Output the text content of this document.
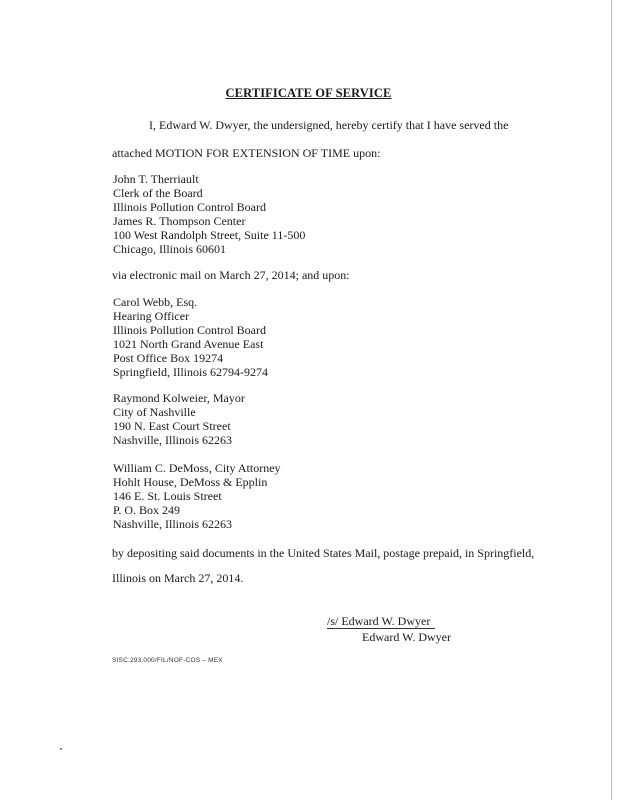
CERTIFICATE OF SERVICE
I, Edward W. Dwyer, the undersigned, hereby certify that I have served the
attached MOTION FOR EXTENSION OF TIME upon:
John T. Therriault
Clerk of the Board
Illinois Pollution Control Board
James R. Thompson Center
100 West Randolph Street, Suite 11-500
Chicago, Illinois 60601
via electronic mail on March 27, 2014; and upon:
Carol Webb, Esq.
Hearing Officer
Illinois Pollution Control Board
1021 North Grand Avenue East
Post Office Box 19274
Springfield, Illinois 62794-9274
Raymond Kolweier, Mayor
City of Nashville
190 N. East Court Street
Nashville, Illinois 62263
William C. DeMoss, City Attorney
Hohlt House, DeMoss & Epplin
146 E. St. Louis Street
P. O. Box 249
Nashville, Illinois 62263
by depositing said documents in the United States Mail, postage prepaid, in Springfield,
Illinois on March 27, 2014.
/s/ Edward W. Dwyer
Edward W. Dwyer
SISC:293.000/FIL/NOF-COS – MEX
